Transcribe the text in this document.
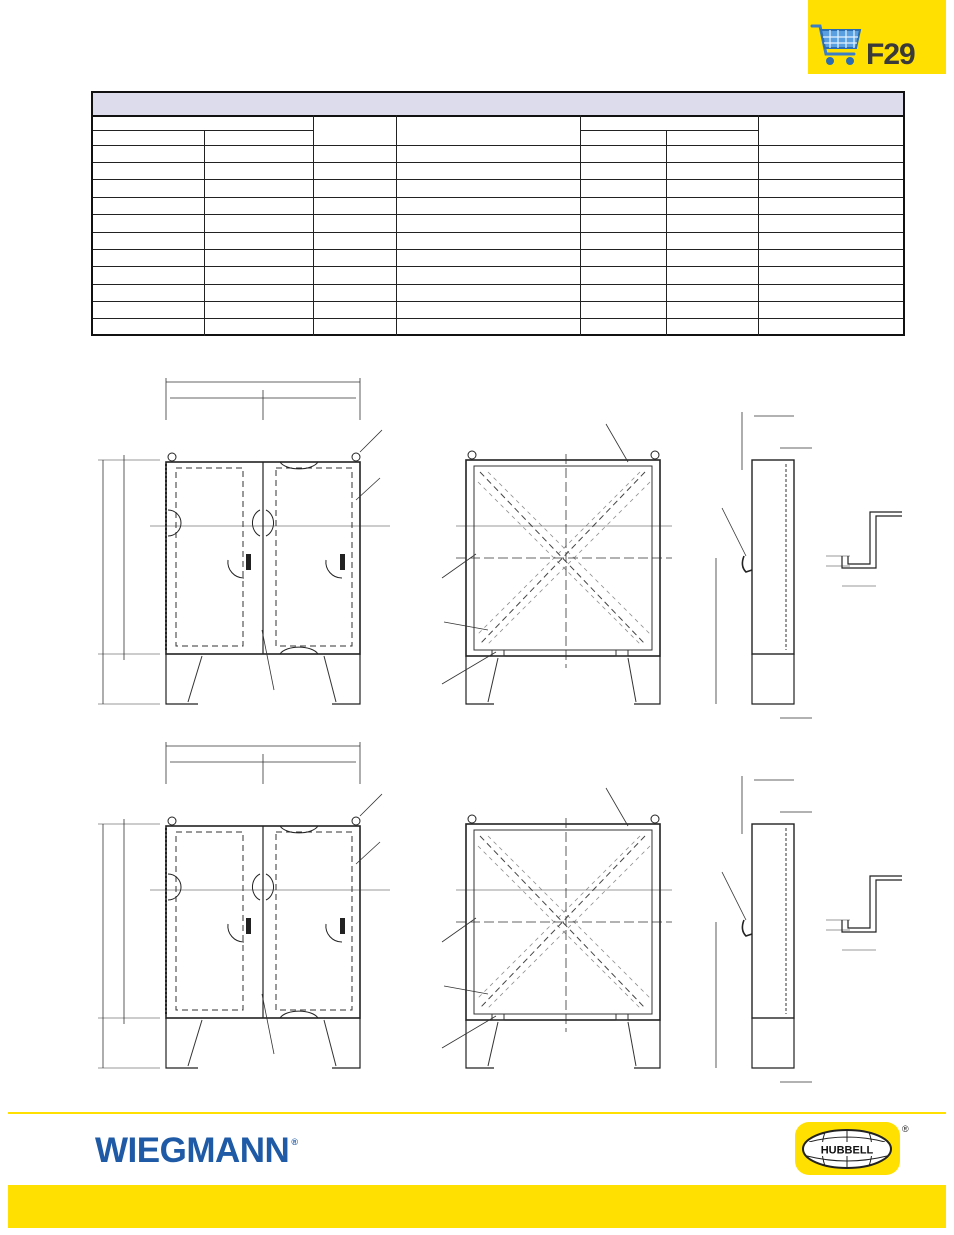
F29
WIEGMANN ®
HUBBELL
®
